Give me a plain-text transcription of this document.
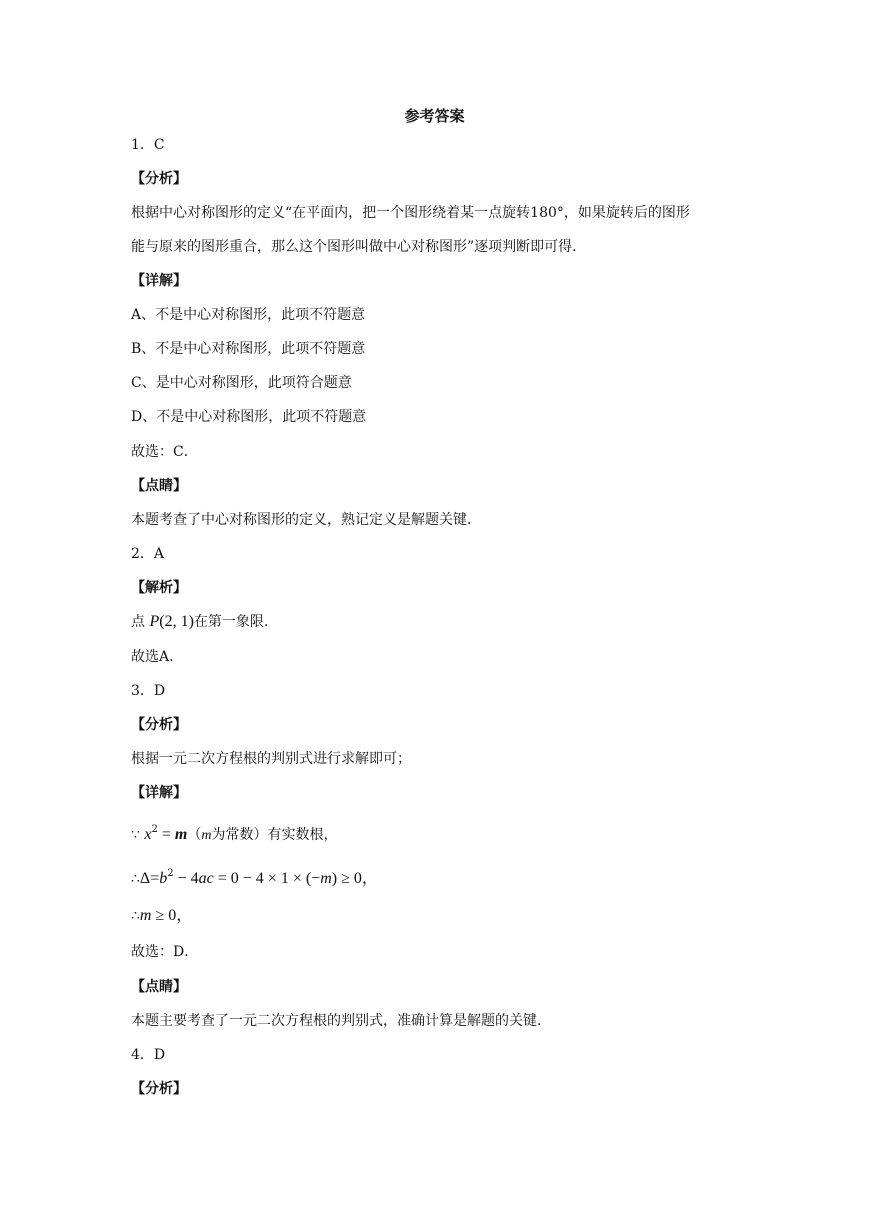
参考答案
1．C
【分析】
根据中心对称图形的定义“在平面内，把一个图形绕着某一点旋转180°，如果旋转后的图形
能与原来的图形重合，那么这个图形叫做中心对称图形”逐项判断即可得．
【详解】
A、不是中心对称图形，此项不符题意
B、不是中心对称图形，此项不符题意
C、是中心对称图形，此项符合题意
D、不是中心对称图形，此项不符题意
故选：C．
【点睛】
本题考查了中心对称图形的定义，熟记定义是解题关键．
2．A
【解析】
点 P(2, 1)在第一象限.
故选A.
3．D
【分析】
根据一元二次方程根的判别式进行求解即可；
【详解】
∵ $x^2 = m(m$为常数）有实数根，
$\therefore\Delta=b^2 - 4ac = 0 - 4 \times 1 \times (-m) \ge 0$，
∴m ≥ 0，
故选：D．
【点睛】
本题主要考查了一元二次方程根的判别式，准确计算是解题的关键．
4．D
【分析】
